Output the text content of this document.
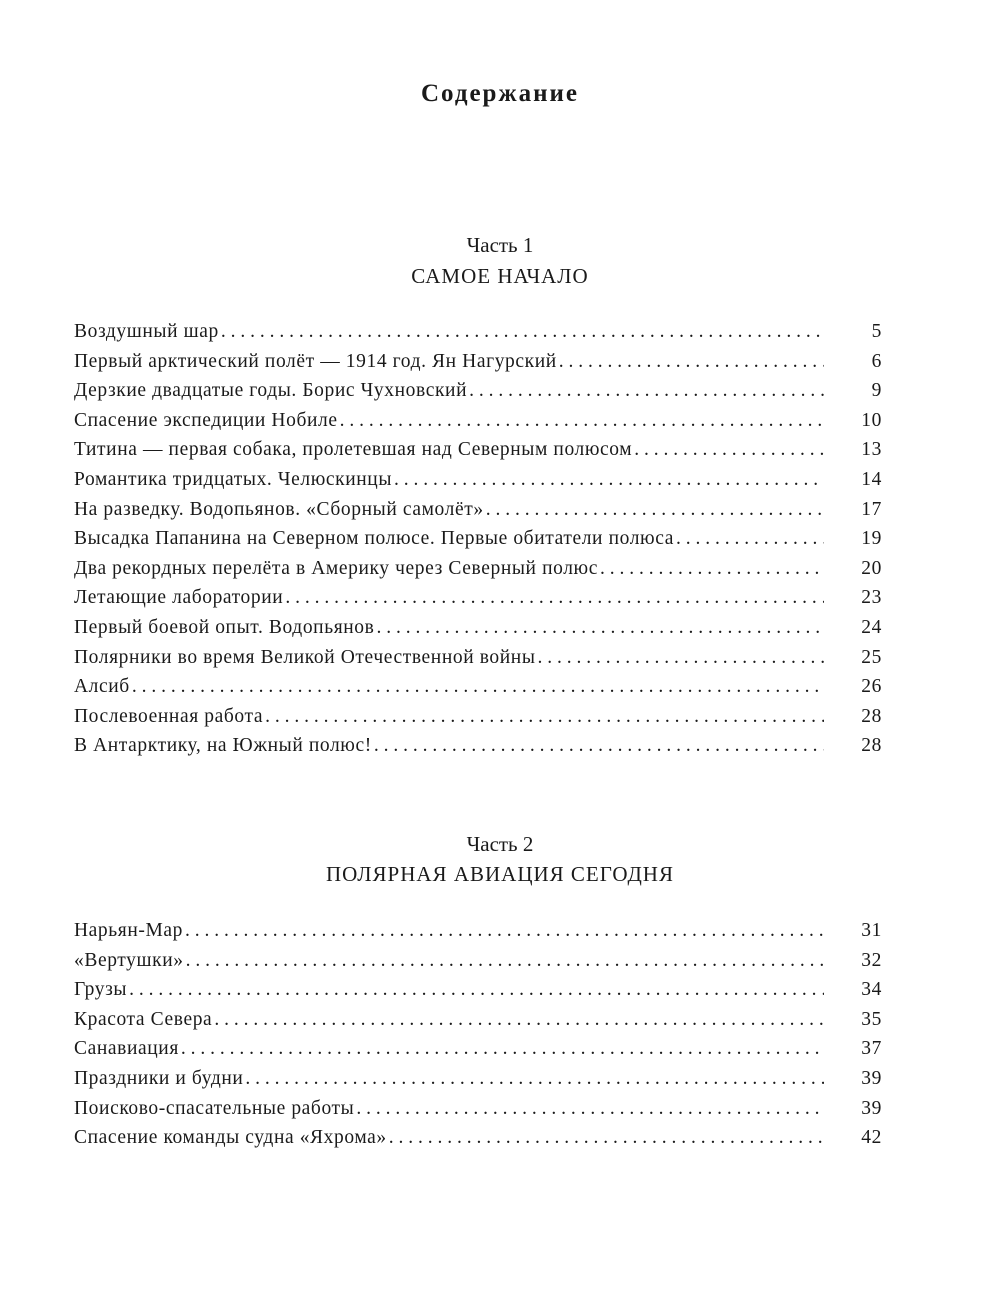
Содержание
Часть 1
САМОЕ НАЧАЛО
Воздушный шар . . .	5
Первый арктический полёт — 1914 год. Ян Нагурский . . .	6
Дерзкие двадцатые годы. Борис Чухновский . . .	9
Спасение экспедиции Нобиле . . .	10
Титина — первая собака, пролетевшая над Северным полюсом . . .	13
Романтика тридцатых. Челюскинцы . . .	14
На разведку. Водопьянов. «Сборный самолёт» . . .	17
Высадка Папанина на Северном полюсе. Первые обитатели полюса . . .	19
Два рекордных перелёта в Америку через Северный полюс . . .	20
Летающие лаборатории . . .	23
Первый боевой опыт. Водопьянов . . .	24
Полярники во время Великой Отечественной войны . . .	25
Алсиб . . .	26
Послевоенная работа . . .	28
В Антарктику, на Южный полюс! . . .	28
Часть 2
ПОЛЯРНАЯ АВИАЦИЯ СЕГОДНЯ
Нарьян-Мар . . .	31
«Вертушки» . . .	32
Грузы . . .	34
Красота Севера . . .	35
Санавиация . . .	37
Праздники и будни . . .	39
Поисково-спасательные работы . . .	39
Спасение команды судна «Яхрома» . . .	42
